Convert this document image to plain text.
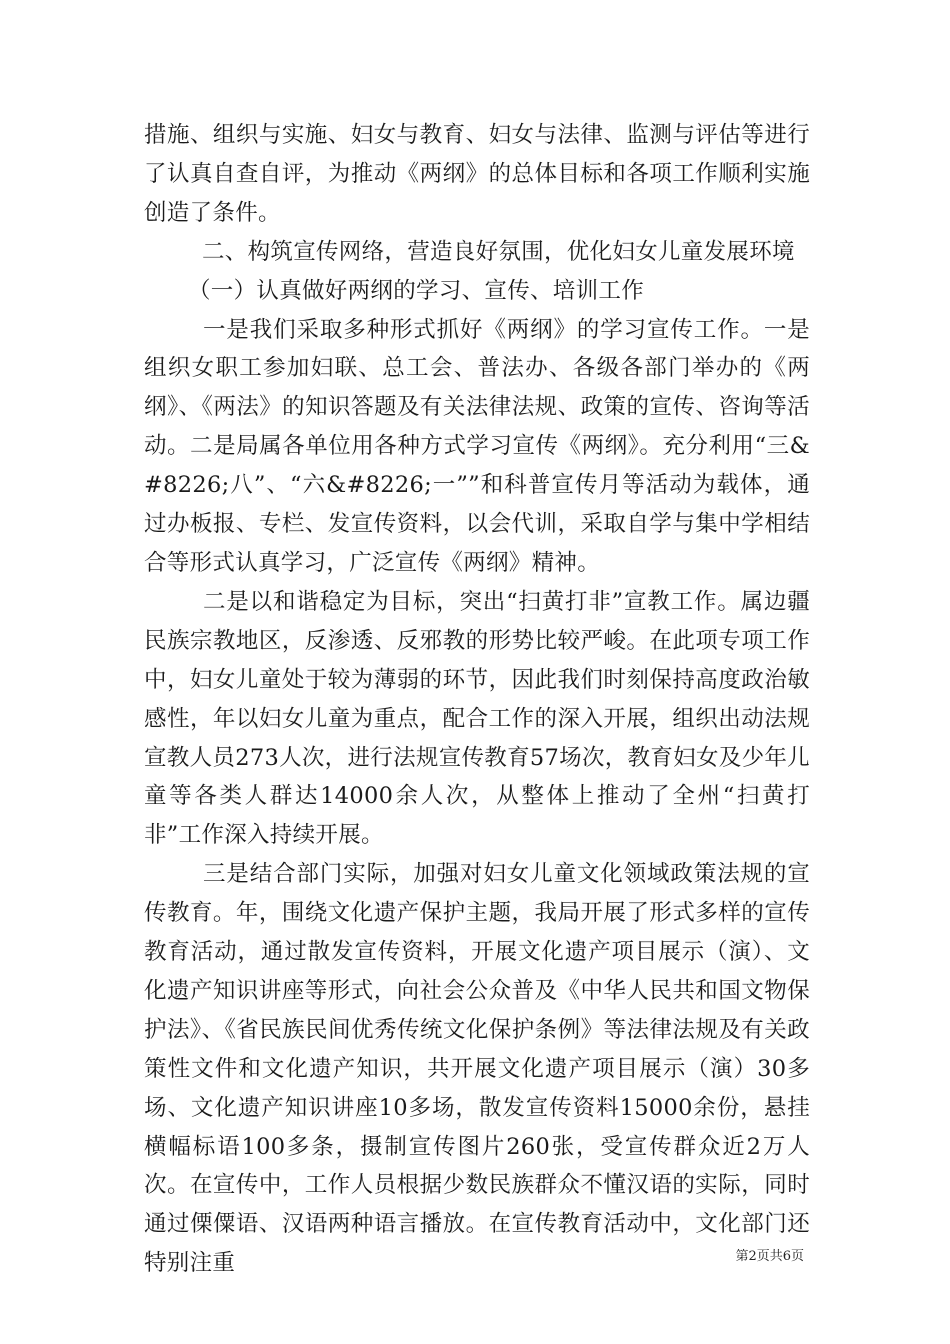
措施、组织与实施、妇女与教育、妇女与法律、监测与评估等进行了认真自查自评，为推动《两纲》的总体目标和各项工作顺利实施创造了条件。

二、构筑宣传网络，营造良好氛围，优化妇女儿童发展环境

（一）认真做好两纲的学习、宣传、培训工作

一是我们采取多种形式抓好《两纲》的学习宣传工作。一是组织女职工参加妇联、总工会、普法办、各级各部门举办的《两纲》、《两法》的知识答题及有关法律法规、政策的宣传、咨询等活动。二是局属各单位用各种方式学习宣传《两纲》。充分利用“三&#8226;八”、“六&#8226;一””和科普宣传月等活动为载体，通过办板报、专栏、发宣传资料，以会代训，采取自学与集中学相结合等形式认真学习，广泛宣传《两纲》精神。

二是以和谐稳定为目标，突出“扫黄打非”宣教工作。属边疆民族宗教地区，反渗透、反邪教的形势比较严峻。在此项专项工作中，妇女儿童处于较为薄弱的环节，因此我们时刻保持高度政治敏感性，年以妇女儿童为重点，配合工作的深入开展，组织出动法规宣教人员273人次，进行法规宣传教育57场次，教育妇女及少年儿童等各类人群达14000余人次，从整体上推动了全州“扫黄打非”工作深入持续开展。

三是结合部门实际，加强对妇女儿童文化领域政策法规的宣传教育。年，围绕文化遗产保护主题，我局开展了形式多样的宣传教育活动，通过散发宣传资料，开展文化遗产项目展示（演）、文化遗产知识讲座等形式，向社会公众普及《中华人民共和国文物保护法》、《省民族民间优秀传统文化保护条例》等法律法规及有关政策性文件和文化遗产知识，共开展文化遗产项目展示（演）30多场、文化遗产知识讲座10多场，散发宣传资料15000余份，悬挂横幅标语100多条，摄制宣传图片260张，受宣传群众近2万人次。在宣传中，工作人员根据少数民族群众不懂汉语的实际，同时通过傈僳语、汉语两种语言播放。在宣传教育活动中，文化部门还特别注重	第2页共6页
